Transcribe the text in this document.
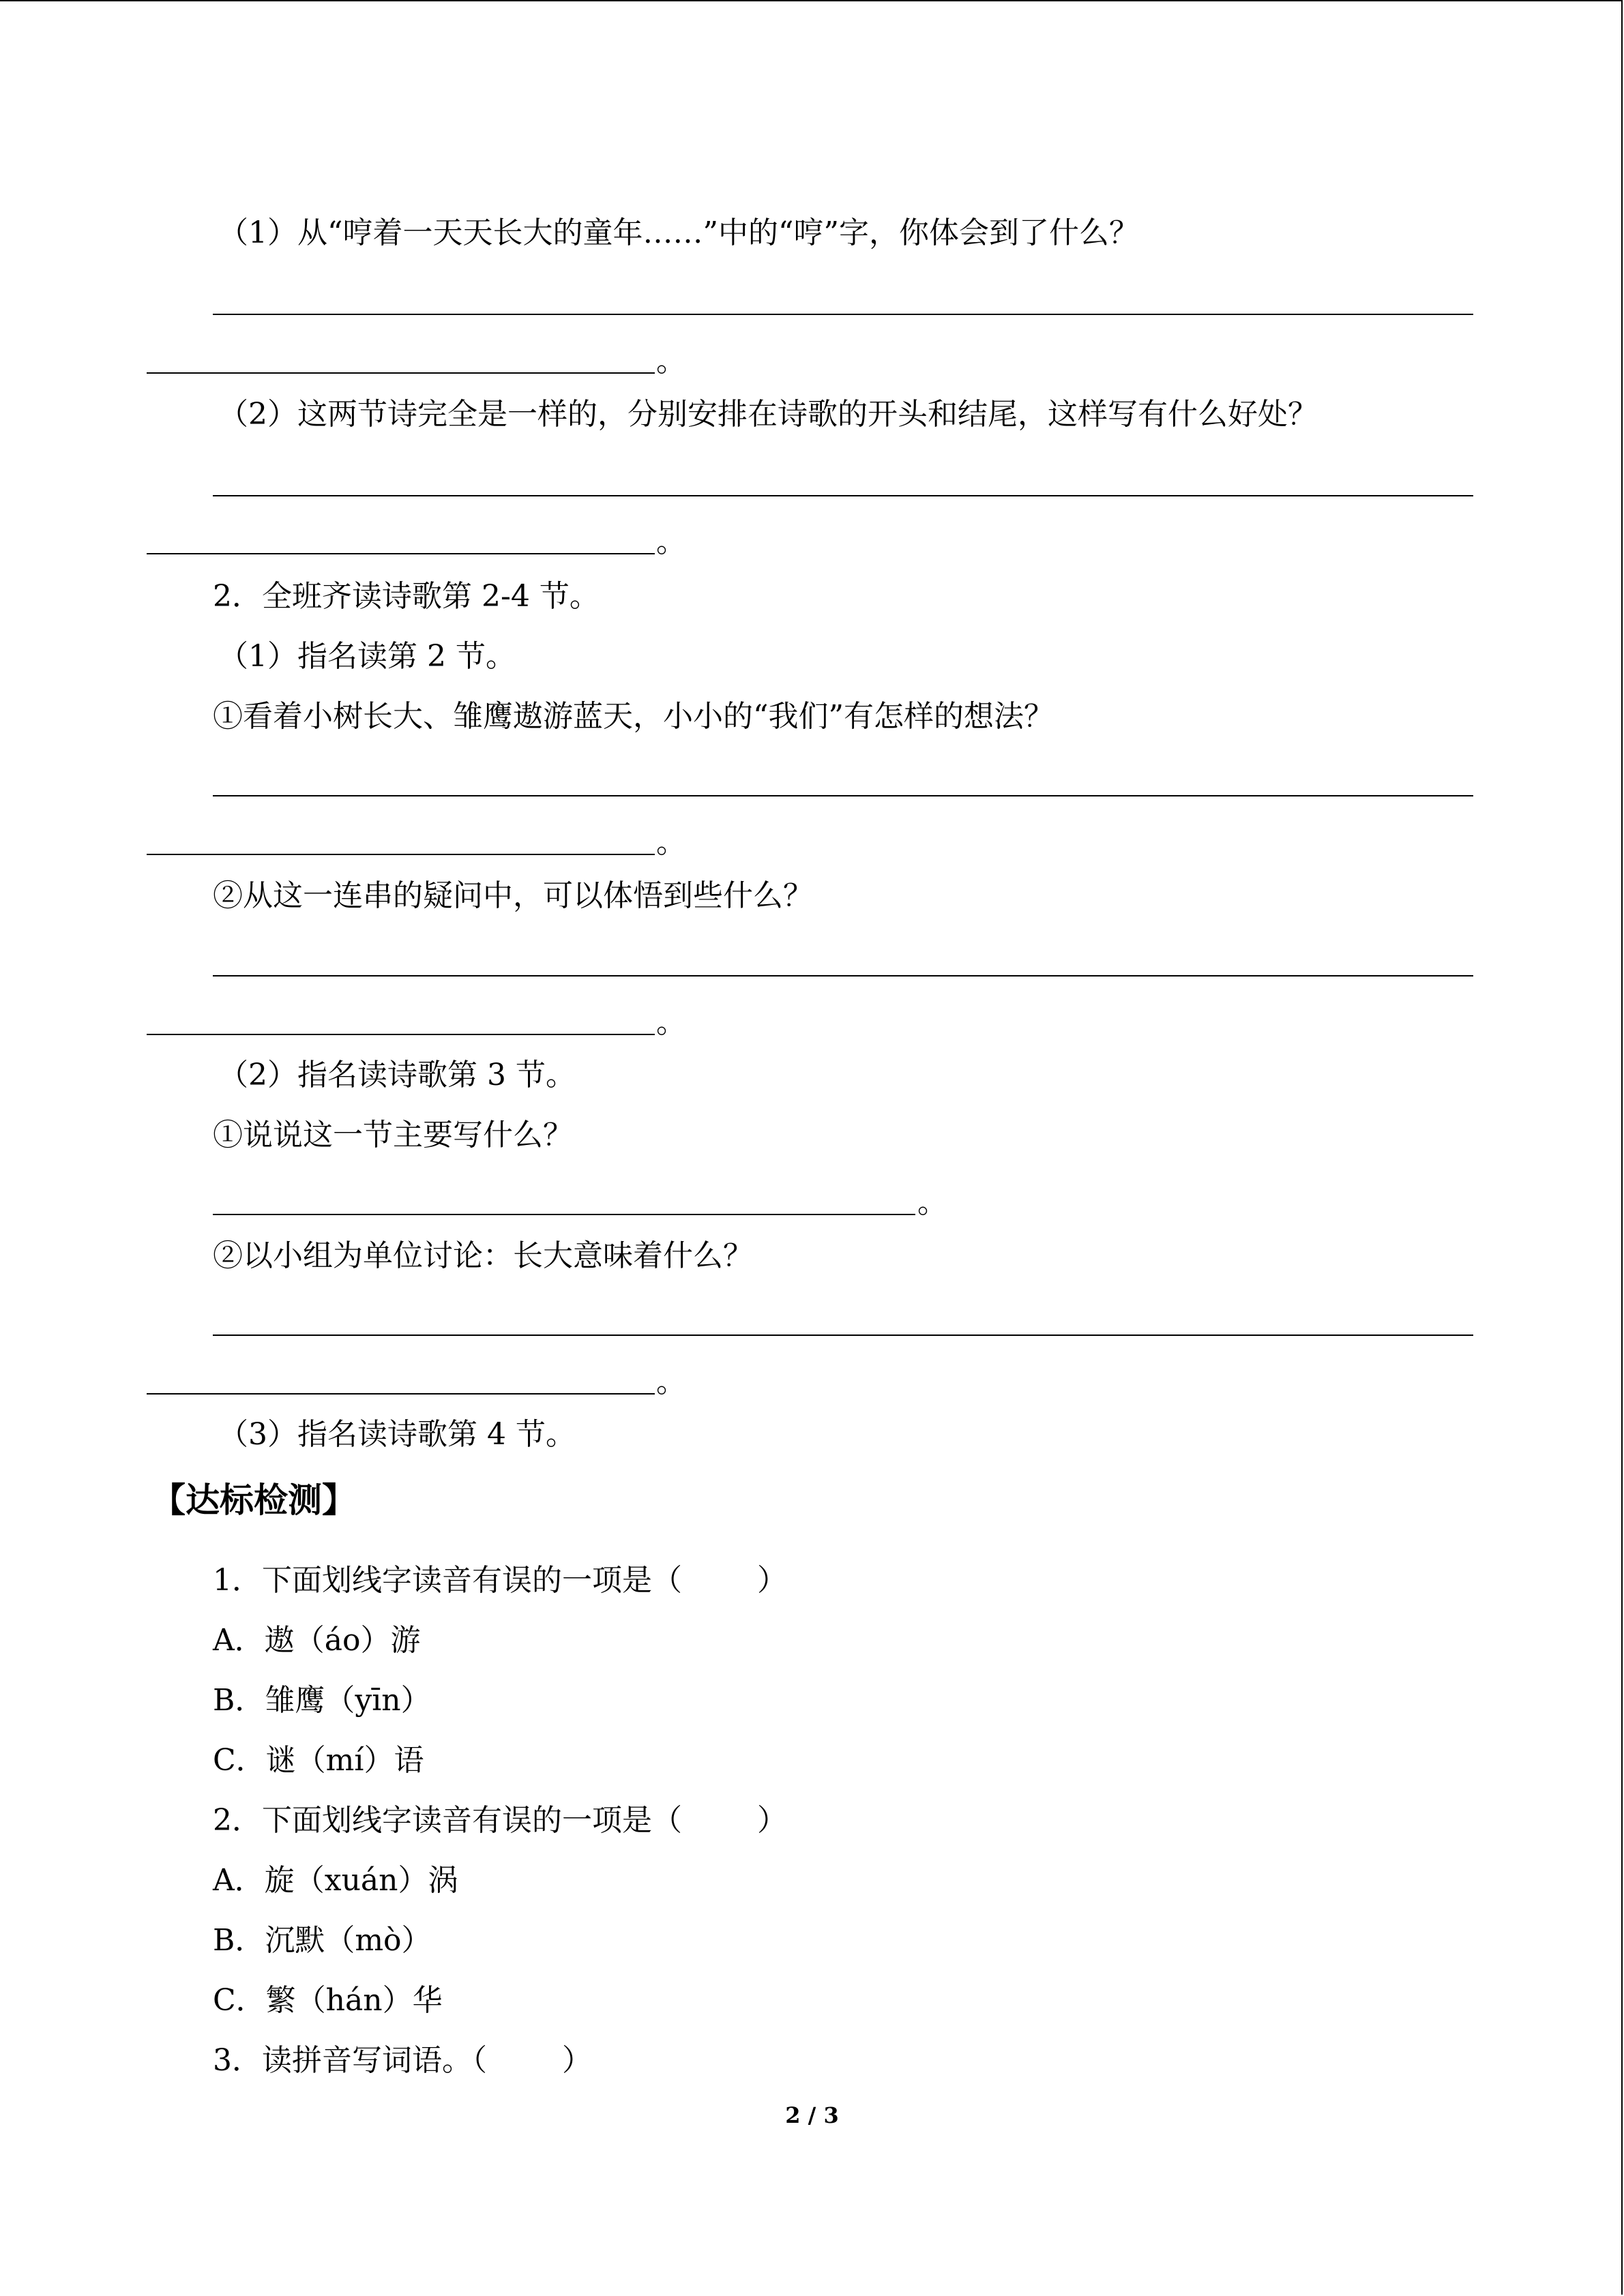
（1）从“哼着一天天长大的童年……”中的“哼”字，你体会到了什么？
。
（2）这两节诗完全是一样的，分别安排在诗歌的开头和结尾，这样写有什么好处？
。
2．全班齐读诗歌第 2-4 节。
（1）指名读第 2 节。
①看着小树长大、雏鹰遨游蓝天，小小的“我们”有怎样的想法？
。
②从这一连串的疑问中，可以体悟到些什么？
。
（2）指名读诗歌第 3 节。
①说说这一节主要写什么？
。
②以小组为单位讨论：长大意味着什么？
。
（3）指名读诗歌第 4 节。
【达标检测】
1．下面划线字读音有误的一项是（	）
A．遨（áo）游
B．雏鹰（yīn）
C．谜（mí）语
2．下面划线字读音有误的一项是（	）
A．旋（xuán）涡
B．沉默（mò）
C．繁（hán）华
3．读拼音写词语。（	）
2 / 3
